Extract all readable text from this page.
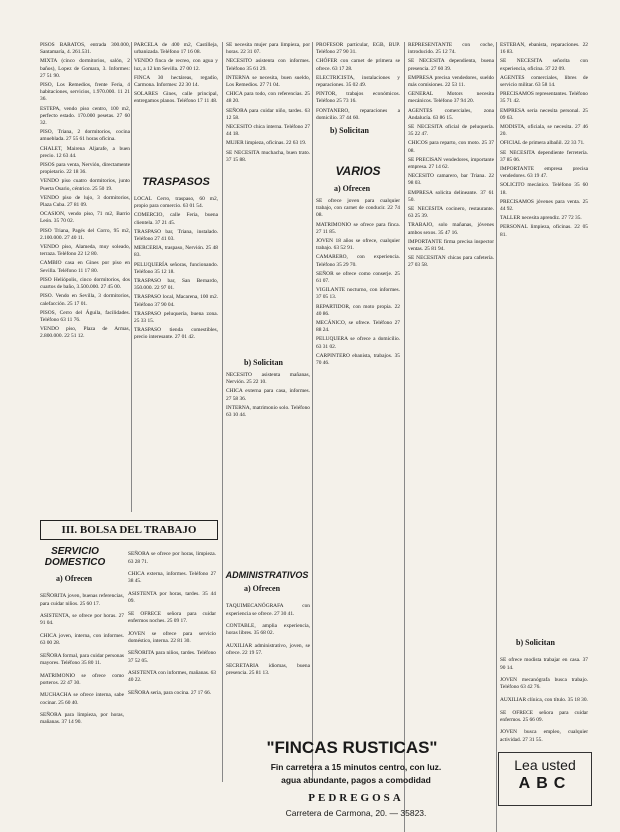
PISOS BARATOS, entrada 300.000, Santamaría, 4. 261.531.

MIXTA (cinco dormitorios, salón, 2 baños), Lopez de Gomara, 3. Informes: 27 51 90.

PISO, Los Remedios, frente Feria, 4 habitaciones, servicios, 1.970.000. 11 21 36.

ESTEPA, vendo piso centro, 100 m2, perfecto estado. 170.000 pesetas. 27 60 32.

PISO, Triana, 2 dormitorios, cocina amueblada. 27 55 61 horas oficina.

CHALET, Mairena Aljarafe, a buen precio. 12 63 44.

PISOS para venta, Nervión, directamente propietario. 22 18 36.

VENDO piso cuatro dormitorios, junto Puerta Osario, céntrico. 25 50 19.

VENDO piso de lujo, 3 dormitorios, Plaza Cuba. 27 81 09.

OCASION, vendo piso, 71 m2, Barrio León. 35 70 02.

PISO Triana, Pagés del Corro, 95 m2, 2.100.000. 27 40 11.

VENDO piso, Alameda, muy soleado, terraza. Teléfono 22 12 80.

CAMBIO casa en Gines por piso en Sevilla. Teléfono 11 17 80.

PISO Heliópolis, cinco dormitorios, dos cuartos de baño, 3.500.000. 27 45 00.

PISO. Vendo en Sevilla, 3 dormitorios, calefacción. 25 17 01.

PISOS, Cerro del Águila, facilidades. Teléfono 63 11 76.

VENDO piso, Plaza de Armas, 2.800.000. 22 51 12.

PARCELA de 400 m2, Castilleja, urbanizada. Teléfono 17 16 08.

VENDO finca de recreo, con agua y luz, a 12 km Sevilla. 27 00 12.

FINCA 30 hectáreas, regadío, Carmona. Informes: 22 30 14.

SOLARES Gines, calle principal, entregamos planos. Teléfono 17 11 48.

TRASPASOS

LOCAL Cerro, traspaso, 60 m2, propio para comercio. 63 01 54.

COMERCIO, calle Feria, buena clientela. 37 21 45.

TRASPASO bar, Triana, instalado. Teléfono 27 41 03.

MERCERIA, traspaso, Nervión. 25 48 83.

PELUQUERÍA señoras, funcionando. Teléfono 35 12 18.

TRASPASO bar, San Bernardo, 350.000. 22 97 01.

TRASPASO local, Macarena, 100 m2. Teléfono 37 90 04.

TRASPASO peluquería, buena zona. 25 33 15.

TRASPASO tienda comestibles, precio interesante. 27 01 42.

III. BOLSA DEL TRABAJO
SERVICIO DOMESTICO
a) Ofrecen

SEÑORITA joven, buenas referencias, para cuidar niños. 25 60 17.

ASISTENTA, se ofrece por horas. 27 91 04.

CHICA joven, interna, con informes. 63 00 28.

SEÑORA formal, para cuidar personas mayores. Teléfono 35 80 11.

MATRIMONIO se ofrece como porteros. 22 47 30.

MUCHACHA se ofrece interna, sabe cocinar. 25 60 40.

SEÑORA para limpieza, por horas, mañanas. 37 14 90.

SEÑORA se ofrece por horas, limpieza. 63 28 71.

CHICA externa, informes. Teléfono 27 38 45.

ASISTENTA por horas, tardes. 35 44 09.

SE OFRECE señora para cuidar enfermos noches. 25 09 17.

JOVEN se ofrece para servicio doméstico, interna. 22 81 30.

SEÑORITA para niños, tardes. Teléfono 37 52 05.

ASISTENTA con informes, mañanas. 63 40 22.

SEÑORA seria, para cocina. 27 17 66.

SE necesita mujer para limpieza, por horas. 22 31 07.

NECESITO asistenta con informes. Teléfono 35 61 29.

INTERNA se necesita, buen sueldo, Los Remedios. 27 71 04.

CHICA para todo, con referencias. 25 48 20.

SEÑORA para cuidar niño, tardes. 63 12 58.

NECESITO chica interna. Teléfono 27 44 18.

MUJER limpieza, oficinas. 22 63 19.

SE NECESITA muchacha, buen trato. 37 15 88.

b) Solicitan

NECESITO asistenta mañanas, Nervión. 25 22 10.

CHICA externa para casa, informes. 27 58 36.

INTERNA, matrimonio solo. Teléfono 63 10 44.

ADMINISTRATIVOS
a) Ofrecen

TAQUIMECANÓGRAFA con experiencia se ofrece. 27 30 41.

CONTABLE, amplia experiencia, horas libres. 35 68 02.

AUXILIAR administrativo, joven, se ofrece. 22 19 57.

SECRETARIA idiomas, buena presencia. 25 81 13.

PROFESOR particular, EGB, BUP. Teléfono 27 90 31.

CHÓFER con carnet de primera se ofrece. 63 17 28.

ELECTRICISTA, instalaciones y reparaciones. 35 02 49.

PINTOR, trabajos económicos. Teléfono 25 73 16.

FONTANERO, reparaciones a domicilio. 37 44 60.

b) Solicitan
VARIOS
a) Ofrecen

SE ofrece joven para cualquier trabajo, con carnet de conducir. 22 74 08.

MATRIMONIO se ofrece para finca. 27 11 85.

JOVEN 18 años se ofrece, cualquier trabajo. 63 52 91.

CAMARERO, con experiencia. Teléfono 35 29 70.

SEÑOR se ofrece como conserje. 25 61 07.

VIGILANTE nocturno, con informes. 37 05 13.

REPARTIDOR, con moto propia. 22 40 86.

MECÁNICO, se ofrece. Teléfono 27 88 24.

PELUQUERA se ofrece a domicilio. 63 31 02.

CARPINTERO ebanista, trabajos. 35 70 46.

REPRESENTANTE con coche, introducido. 25 12 74.

SE NECESITA dependienta, buena presencia. 27 60 39.

EMPRESA precisa vendedores, sueldo más comisiones. 22 53 11.

GENERAL Motors necesita mecánicos. Teléfono 37 94 20.

AGENTES comerciales, zona Andalucía. 63 86 15.

SE NECESITA oficial de peluquería. 35 22 47.

CHICOS para reparto, con moto. 25 37 08.

SE PRECISAN vendedores, importante empresa. 27 14 62.

NECESITO camarero, bar Triana. 22 98 03.

EMPRESA solicita delineante. 37 61 50.

SE NECESITA cocinero, restaurante. 63 25 39.

TRABAJO, solo mañanas, jóvenes ambos sexos. 35 47 16.

IMPORTANTE firma precisa inspector ventas. 25 81 94.

SE NECESITAN chicas para cafetería. 27 03 58.

ESTEBAN, ebanista, reparaciones. 22 16 83.

SE NECESITA señorita con experiencia, oficina. 37 22 09.

AGENTES comerciales, libres de servicio militar. 63 58 14.

PRECISAMOS representantes. Teléfono 35 71 42.

EMPRESA seria necesita personal. 25 09 63.

MODISTA, oficiala, se necesita. 27 46 20.

OFICIAL de primera albañil. 22 33 71.

SE NECESITA dependiente ferretería. 37 85 06.

IMPORTANTE empresa precisa vendedores. 63 19 47.

SOLICITO mecánico. Teléfono 35 60 18.

PRECISAMOS jóvenes para venta. 25 44 92.

TALLER necesita aprendiz. 27 72 35.

PERSONAL limpieza, oficinas. 22 05 81.

b) Solicitan

SE ofrece modista trabajar en casa. 37 90 14.

JOVEN mecanógrafa busca trabajo. Teléfono 63 42 76.

AUXILIAR clínica, con título. 35 18 30.

SE OFRECE señora para cuidar enfermos. 25 66 09.

JOVEN busca empleo, cualquier actividad. 27 31 55.

"FINCAS RUSTICAS"
Fin carretera a 15 minutos centro, con luz.
agua abundante, pagos a comodidad
PEDREGOSA
Carretera de Carmona, 20. — 35823.
Lea usted
ABC
